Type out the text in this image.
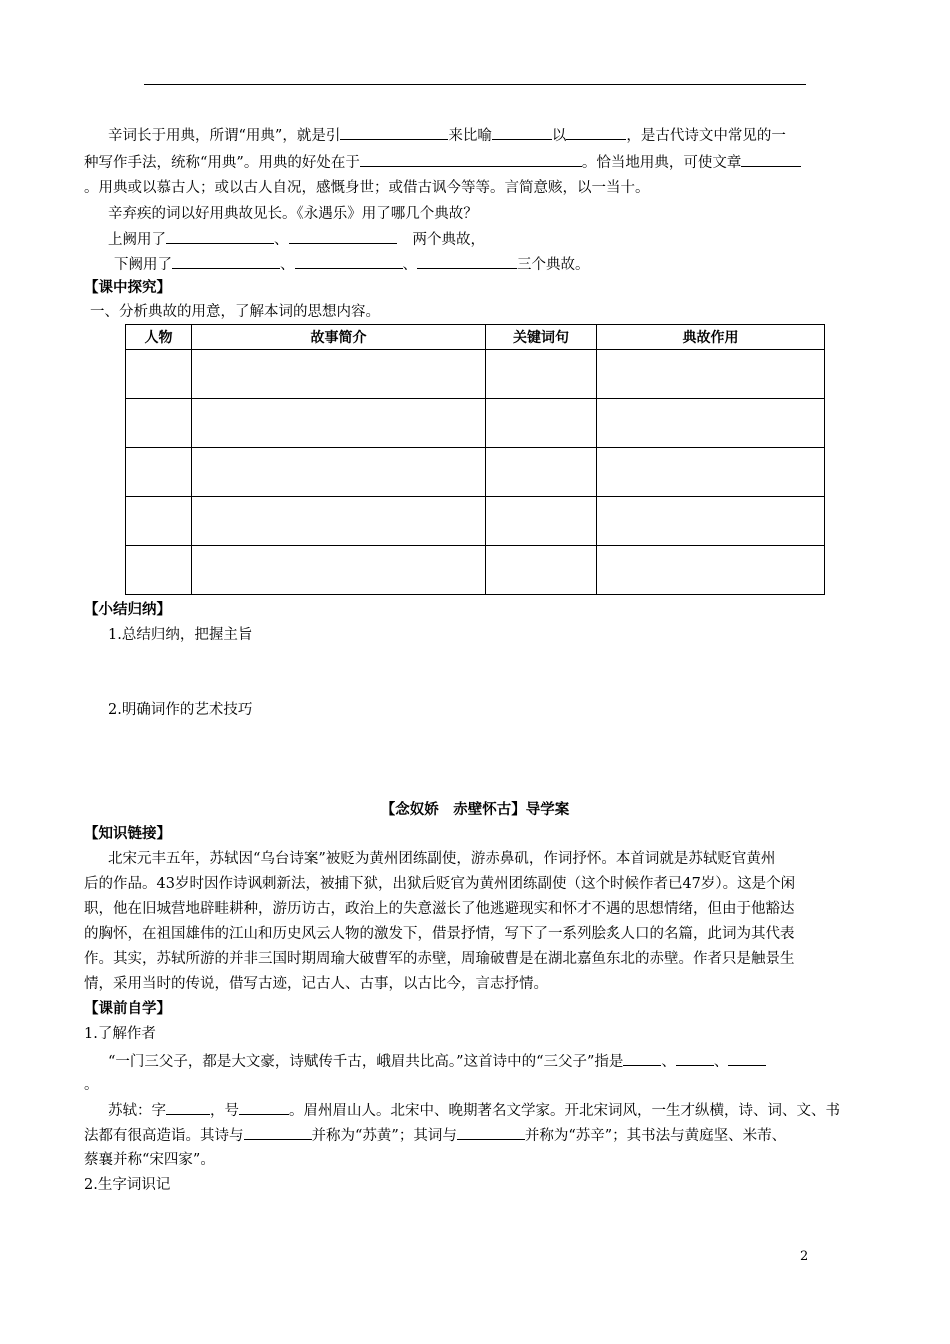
辛词长于用典，所谓“用典”，就是引	来比喻	以	，是古代诗文中常见的一
种写作手法，统称“用典”。用典的好处在于	。恰当地用典，可使文章
。用典或以慕古人；或以古人自况，感慨身世；或借古讽今等等。言简意赅，以一当十。
辛弃疾的词以好用典故见长。《永遇乐》用了哪几个典故？
上阙用了	、	两个典故，
下阙用了	、	、	三个典故。
【课中探究】
一、分析典故的用意，了解本词的思想内容。
人物	故事简介	关键词句	典故作用

【小结归纳】
1.总结归纳，把握主旨
2.明确词作的艺术技巧
【念奴娇　赤壁怀古】导学案
【知识链接】
北宋元丰五年，苏轼因“乌台诗案”被贬为黄州团练副使，游赤鼻矶，作词抒怀。本首词就是苏轼贬官黄州
后的作品。43岁时因作诗讽刺新法，被捕下狱，出狱后贬官为黄州团练副使（这个时候作者已47岁）。这是个闲
职，他在旧城营地辟畦耕种，游历访古，政治上的失意滋长了他逃避现实和怀才不遇的思想情绪，但由于他豁达
的胸怀，在祖国雄伟的江山和历史风云人物的激发下，借景抒情，写下了一系列脍炙人口的名篇，此词为其代表
作。其实，苏轼所游的并非三国时期周瑜大破曹军的赤壁，周瑜破曹是在湖北嘉鱼东北的赤壁。作者只是触景生
情，采用当时的传说，借写古迹，记古人、古事，以古比今，言志抒情。
【课前自学】
1.了解作者
“一门三父子，都是大文豪，诗赋传千古，峨眉共比高。”这首诗中的“三父子”指是	、	、
。
苏轼：字	，号	。眉州眉山人。北宋中、晚期著名文学家。开北宋词风，一生才纵横，诗、词、文、书
法都有很高造诣。其诗与	并称为“苏黄”；其词与	并称为“苏辛”；其书法与黄庭坚、米芾、
蔡襄并称“宋四家”。
2.生字词识记
2
